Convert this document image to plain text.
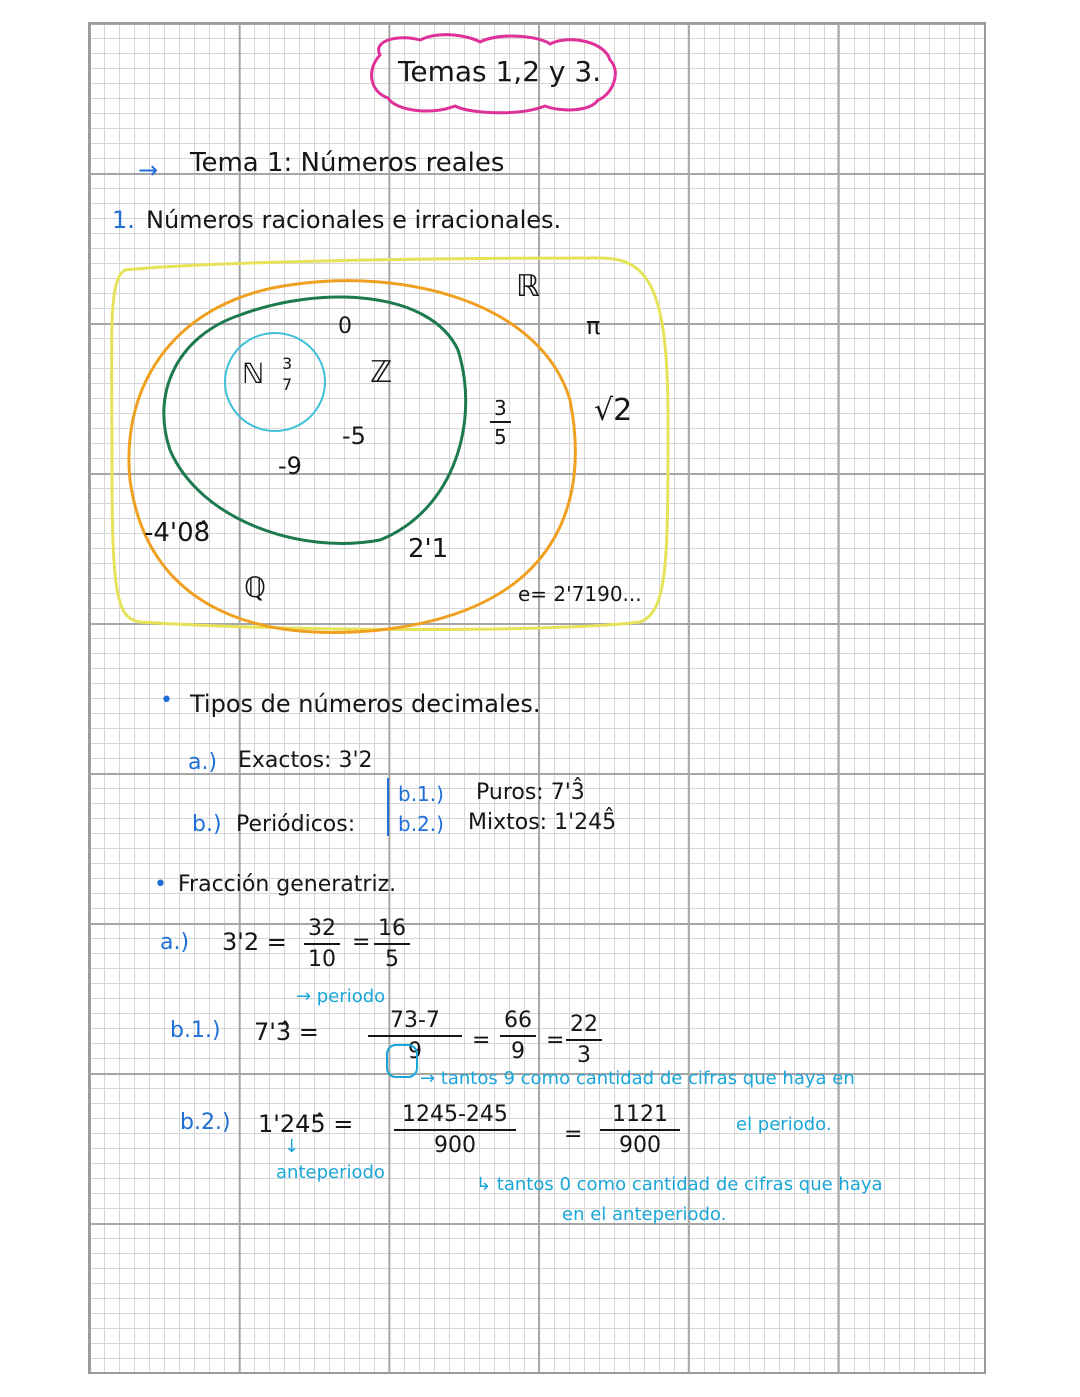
Temas 1,2 y 3.
→ Tema 1: Números reales
1. Números racionales e irracionales.
ℝ
ℚ
ℤ
ℕ 3
7
0
-5
-9
$\frac{3}{5}$
-4'08̂
2'1
π
√2
e= 2'7190...
• Tipos de números decimales.
a.) Exactos: 3'2
b.) Periódicos:
b.1.) Puros: 7'3̂
b.2.) Mixtos: 1'245̂
• Fracción generatriz.
a.) $3'2 = \frac{32}{10} = \frac{16}{5}$
→ periodo
b.1.) 7'3̂ = $\frac{73-7}{9} = \frac{66}{9} = \frac{22}{3}$
→ tantos 9 como cantidad de cifras que haya en
el periodo.
b.2.) 1'245̂ = $\frac{1245-245}{900} = \frac{1121}{900}$
↓
anteperiodo
↳ tantos 0 como cantidad de cifras que haya
en el anteperiodo.
